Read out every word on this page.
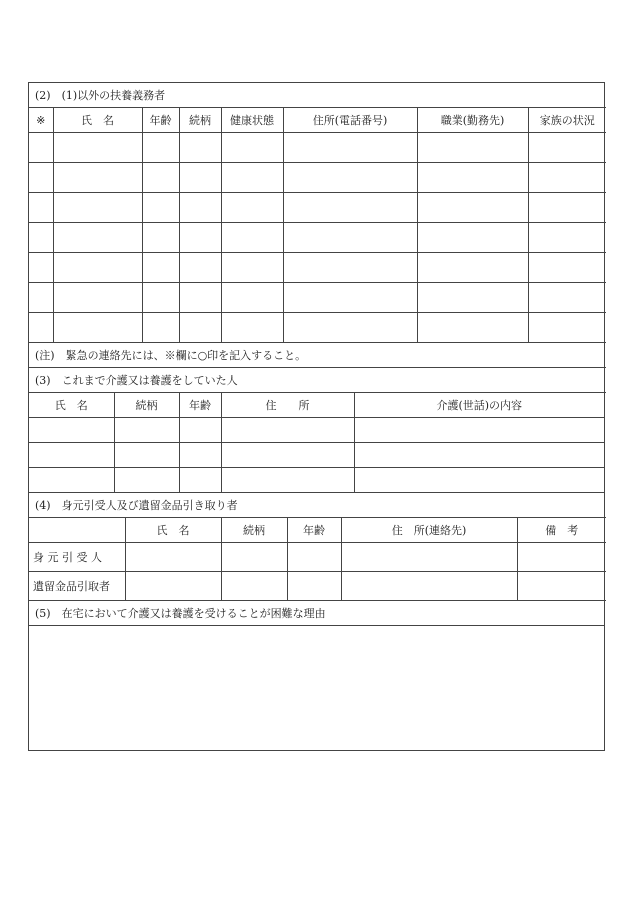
(2)　(1)以外の扶養義務者							
※	氏　名	年齢	続柄	健康状態	住所(電話番号)	職業(勤務先)	家族の状況

(注)　緊急の連絡先には、※欄に○印を記入すること。							
(3)　これまで介護又は養護をしていた人							
氏　名	続柄	年齢	住　　所	介護(世話)の内容

(4)　身元引受人及び遺留金品引き取り者				
	氏　名	続柄	年齢	住　所(連絡先)	備　考
身 元 引 受 人					
遺留金品引取者					
(5)　在宅において介護又は養護を受けることが困難な理由
